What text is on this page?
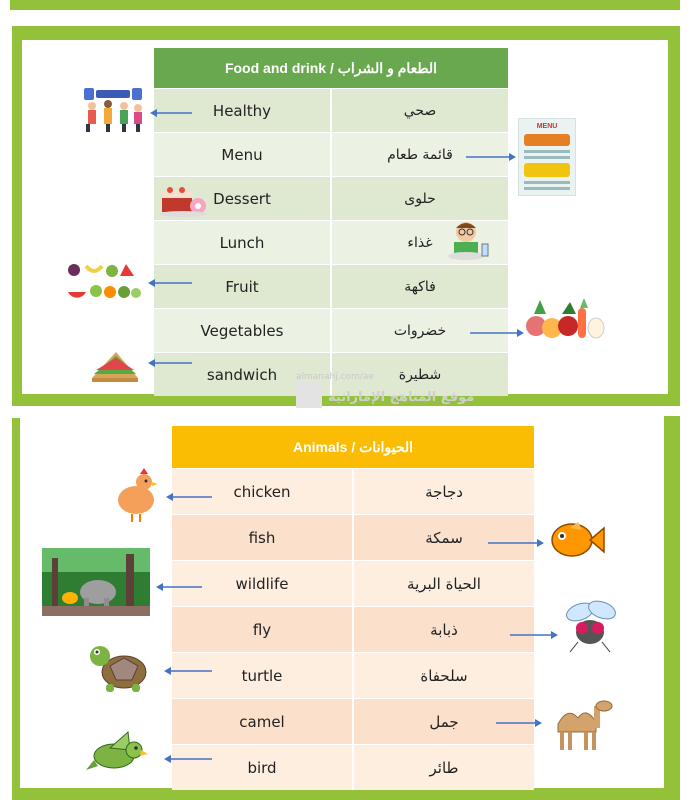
Food and drink / الطعام و الشراب
Healthy	صحي
Menu	قائمة طعام
Dessert	حلوى
Lunch	غذاء
Fruit	فاكهة
Vegetables	خضروات
sandwich	شطيرة
MENU
almanahj.com/ae
موقع المناهج الإماراتية
Animals / الحيوانات
chicken	دجاجة
fish	سمكة
wildlife	الحياة البرية
fly	ذبابة
turtle	سلحفاة
camel	جمل
bird	طائر
